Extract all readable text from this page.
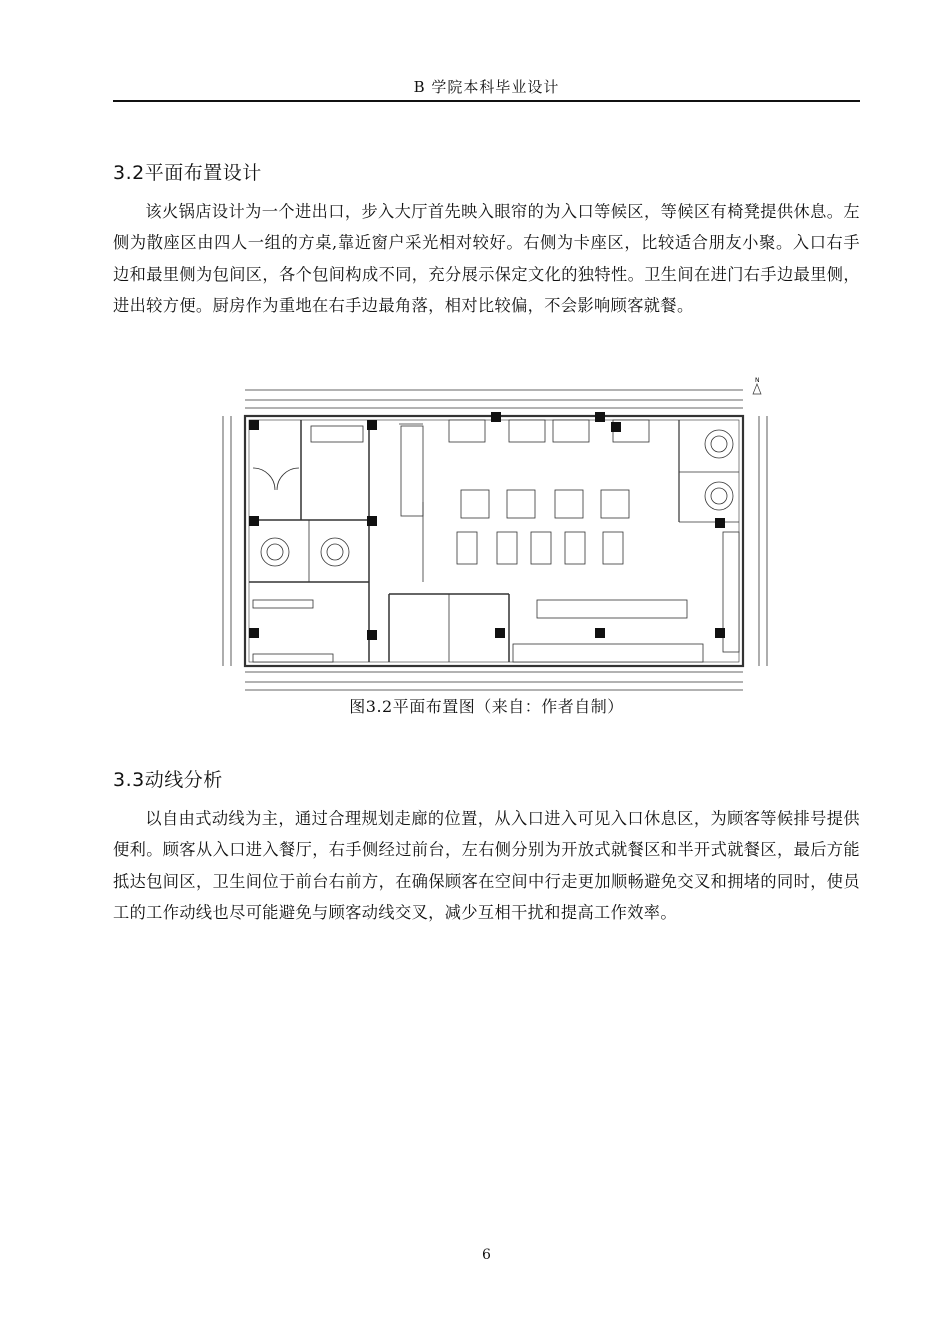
B 学院本科毕业设计
3.2平面布置设计

该火锅店设计为一个进出口，步入大厅首先映入眼帘的为入口等候区，等候区有椅凳提供休息。左侧为散座区由四人一组的方桌,靠近窗户采光相对较好。右侧为卡座区，比较适合朋友小聚。入口右手边和最里侧为包间区，各个包间构成不同，充分展示保定文化的独特性。卫生间在进门右手边最里侧，进出较方便。厨房作为重地在右手边最角落，相对比较偏，不会影响顾客就餐。

N
图3.2平面布置图（来自：作者自制）
3.3动线分析

以自由式动线为主，通过合理规划走廊的位置，从入口进入可见入口休息区，为顾客等候排号提供便利。顾客从入口进入餐厅，右手侧经过前台，左右侧分别为开放式就餐区和半开式就餐区，最后方能抵达包间区，卫生间位于前台右前方，在确保顾客在空间中行走更加顺畅避免交叉和拥堵的同时，使员工的工作动线也尽可能避免与顾客动线交叉，减少互相干扰和提高工作效率。

6
